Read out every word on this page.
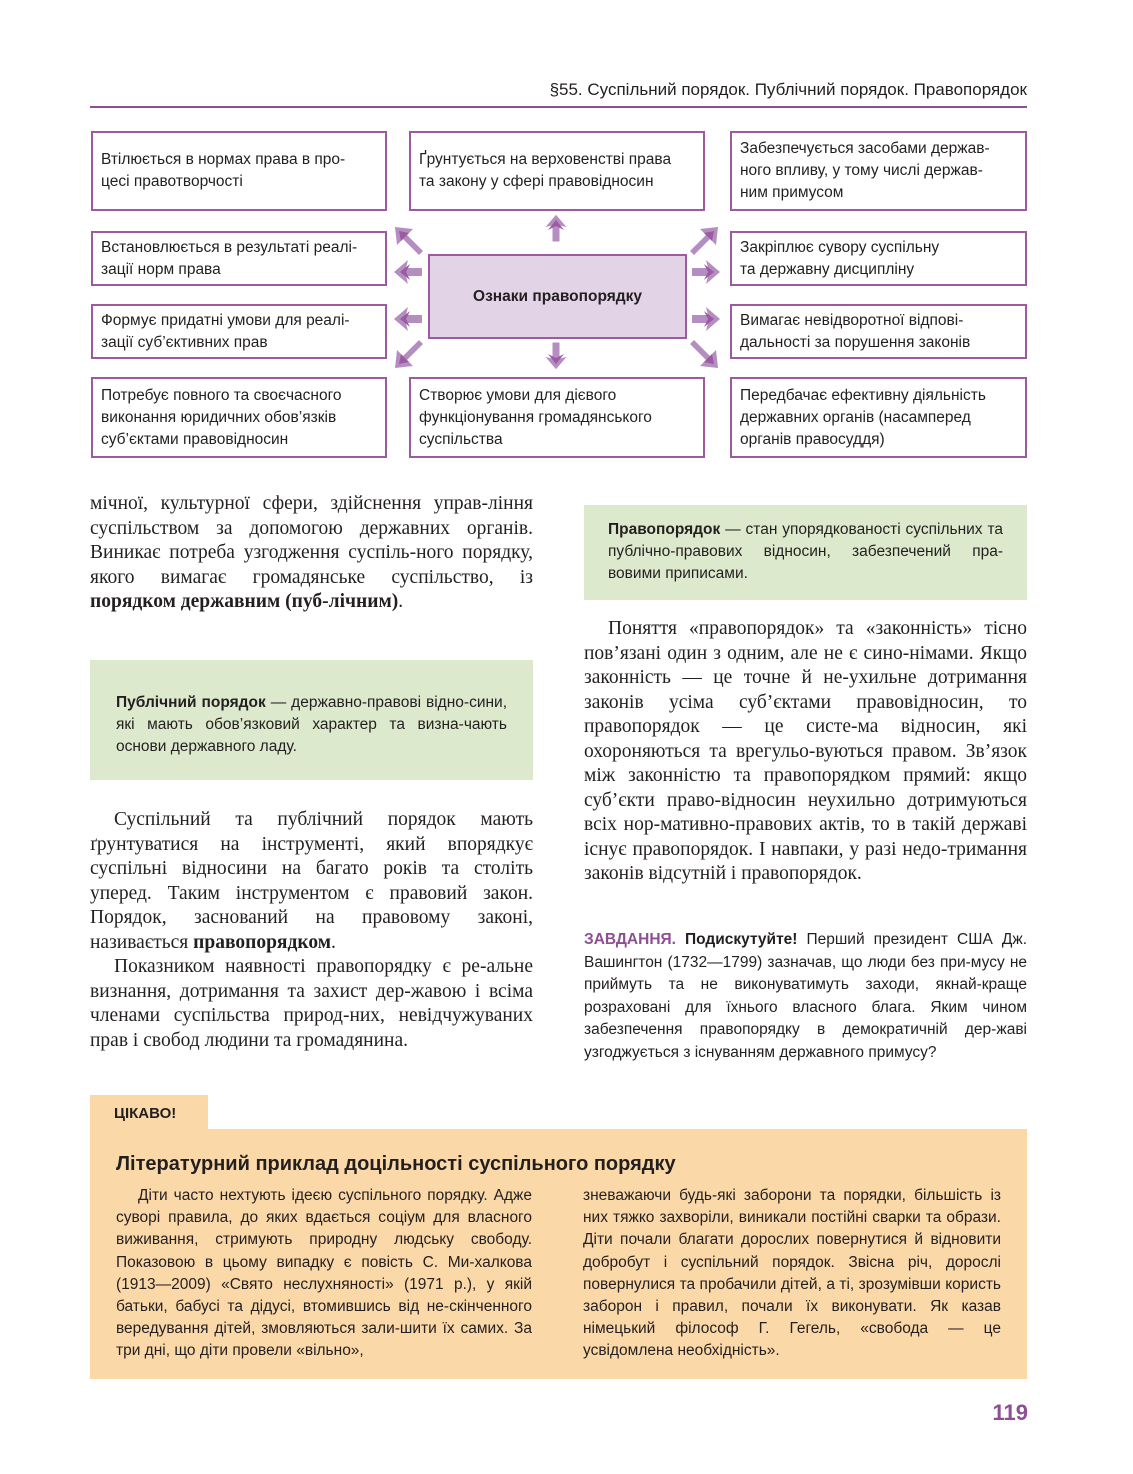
§55. Суспільний порядок. Публічний порядок. Правопорядок
Втілюється в нормах права в про-
цесі правотворчості
Ґрунтується на верховенстві права
та закону у сфері правовідносин
Забезпечується засобами держав-
ного впливу, у тому числі держав-
ним примусом
Встановлюється в результаті реалі-
зації норм права
Закріплює сувору суспільну
та державну дисципліну
Формує придатні умови для реалі-
зації суб’єктивних прав
Вимагає невідворотної відпові-
дальності за порушення законів
Потребує повного та своєчасного
виконання юридичних обов’язків
суб’єктами правовідносин
Створює умови для дієвого
функціонування громадянського
суспільства
Передбачає ефективну діяльність
державних органів (насамперед
органів правосуддя)
Ознаки правопорядку

мічної, культурної сфери, здійснення управ-ління суспільством за допомогою державних органів. Виникає потреба узгодження суспіль-ного порядку, якого вимагає громадянське суспільство, із порядком державним (пуб-лічним).

Публічний порядок — державно-правові відно-сини, які мають обов’язковий характер та визна-чають основи державного ладу.

Суспільний та публічний порядок мають ґрунтуватися на інструменті, який впорядкує суспільні відносини на багато років та століть уперед. Таким інструментом є правовий закон. Порядок, заснований на правовому законі, називається правопорядком.

Показником наявності правопорядку є ре-альне визнання, дотримання та захист дер-жавою і всіма членами суспільства природ-них, невідчужуваних прав і свобод людини та громадянина.

Правопорядок — стан упорядкованості суспільних та публічно-правових відносин, забезпечений пра-вовими приписами.

Поняття «правопорядок» та «законність» тісно пов’язані один з одним, але не є сино-німами. Якщо законність — це точне й не-ухильне дотримання законів усіма суб’єктами правовідносин, то правопорядок — це систе-ма відносин, які охороняються та врегульо-вуються правом. Зв’язок між законністю та правопорядком прямий: якщо суб’єкти право-відносин неухильно дотримуються всіх нор-мативно-правових актів, то в такій державі існує правопорядок. І навпаки, у разі недо-тримання законів відсутній і правопорядок.

ЗАВДАННЯ. Подискутуйте! Перший президент США Дж. Вашингтон (1732—1799) зазначав, що люди без при-мусу не приймуть та не виконуватимуть заходи, якнай-краще розраховані для їхнього власного блага. Яким чином забезпечення правопорядку в демократичній дер-жаві узгоджується з існуванням державного примусу?
ЦІКАВО!
Літературний приклад доцільності суспільного порядку
Діти часто нехтують ідеєю суспільного порядку. Адже суворі правила, до яких вдається соціум для власного виживання, стримують природну людську свободу. Показовою в цьому випадку є повість С. Ми-халкова (1913—2009) «Свято неслухняності» (1971 р.), у якій батьки, бабусі та дідусі, втомившись від не-скінченного вередування дітей, змовляються зали-шити їх самих. За три дні, що діти провели «вільно»,
зневажаючи будь-які заборони та порядки, більшість із них тяжко захворіли, виникали постійні сварки та образи. Діти почали благати дорослих повернутися й відновити добробут і суспільний порядок. Звісна річ, дорослі повернулися та пробачили дітей, а ті, зрозумівши користь заборон і правил, почали їх виконувати. Як казав німецький філософ Г. Гегель, «свобода — це усвідомлена необхідність».
119
